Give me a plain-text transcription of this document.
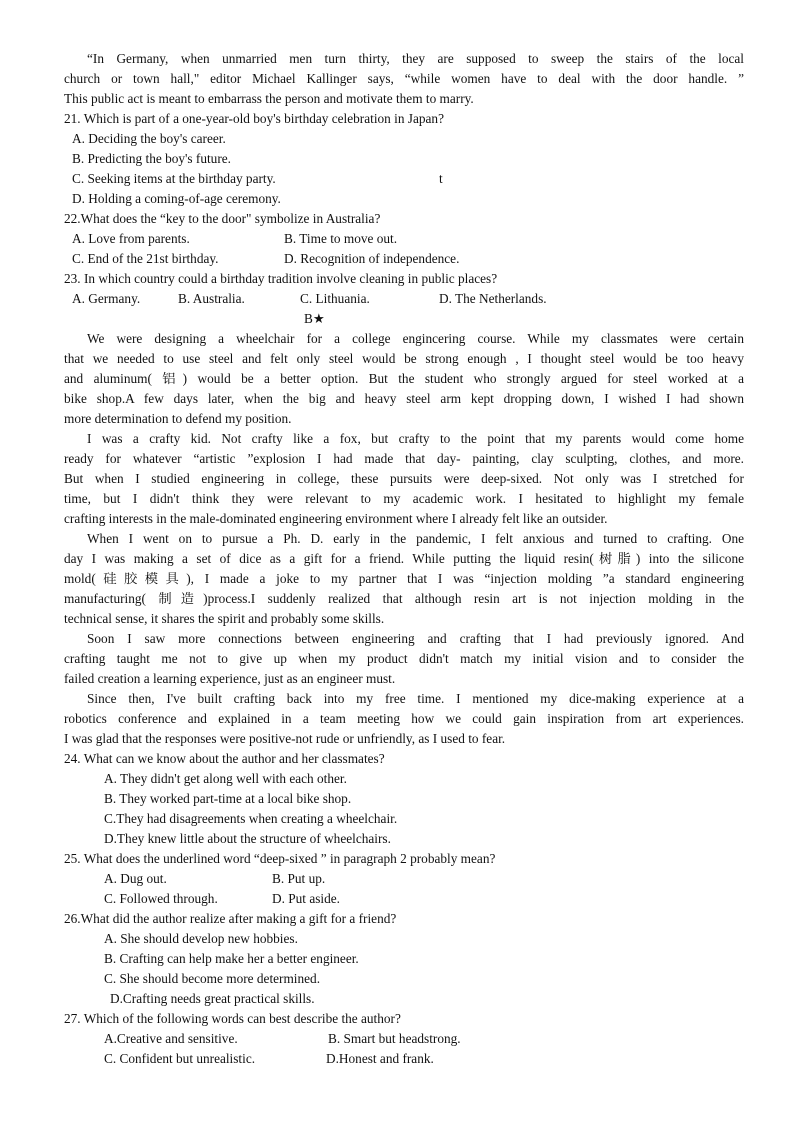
“In Germany, when unmarried men turn thirty, they are supposed to sweep the stairs of the local

church or town hall," editor Michael Kallinger says, “while women have to deal with the door handle. ”

This public act is meant to embarrass the person and motivate them to marry.

21. Which is part of a one-year-old boy's birthday celebration in Japan?

A. Deciding the boy's career.

B. Predicting the boy's future.

C. Seeking items at the birthday party.	t

D. Holding a coming-of-age ceremony.

22.What does the “key to the door" symbolize in Australia?

A. Love from parents.	B. Time to move out.

C. End of the 21st birthday.	D. Recognition of independence.

23. In which country could a birthday tradition involve cleaning in public places?

A. Germany.	B. Australia.	C. Lithuania.	D. The Netherlands.

B★

We were designing a wheelchair for a college engincering course. While my classmates were certain

that we needed to use steel and felt only steel would be strong enough , I thought steel would be too heavy

and aluminum( 铝) would be a better option. But the student who strongly argued for steel worked at a

bike shop.A few days later, when the big and heavy steel arm kept dropping down, I wished I had shown

more determination to defend my position.

I was a crafty kid. Not crafty like a fox, but crafty to the point that my parents would come home

ready for whatever “artistic ”explosion I had made that day- painting, clay sculpting, clothes, and more.

But when I studied engineering in college, these pursuits were deep-sixed. Not only was I stretched for

time, but I didn't think they were relevant to my academic work. I hesitated to highlight my female

crafting interests in the male-dominated engineering environment where I already felt like an outsider.

When I went on to pursue a Ph. D. early in the pandemic, I felt anxious and turned to crafting. One

day I was making a set of dice as a gift for a friend. While putting the liquid resin(树脂) into the silicone

mold(硅胶模具), I made a joke to my partner that I was “injection molding ”a standard engineering

manufacturing( 制造)process.I suddenly realized that although resin art is not injection molding in the

technical sense, it shares the spirit and probably some skills.

Soon I saw more connections between engineering and crafting that I had previously ignored. And

crafting taught me not to give up when my product didn't match my initial vision and to consider the

failed creation a learning experience, just as an engineer must.

Since then, I've built crafting back into my free time. I mentioned my dice-making experience at a

robotics conference and explained in a team meeting how we could gain inspiration from art experiences.

I was glad that the responses were positive-not rude or unfriendly, as I used to fear.

24. What can we know about the author and her classmates?

A. They didn't get along well with each other.

B. They worked part-time at a local bike shop.

C.They had disagreements when creating a wheelchair.

D.They knew little about the structure of wheelchairs.

25. What does the underlined word “deep-sixed ” in paragraph 2 probably mean?

A. Dug out.	B. Put up.

C. Followed through.	D. Put aside.

26.What did the author realize after making a gift for a friend?

A. She should develop new hobbies.

B. Crafting can help make her a better engineer.

C. She should become more determined.

D.Crafting needs great practical skills.

27. Which of the following words can best describe the author?

A.Creative and sensitive.	B. Smart but headstrong.

C. Confident but unrealistic.	D.Honest and frank.
